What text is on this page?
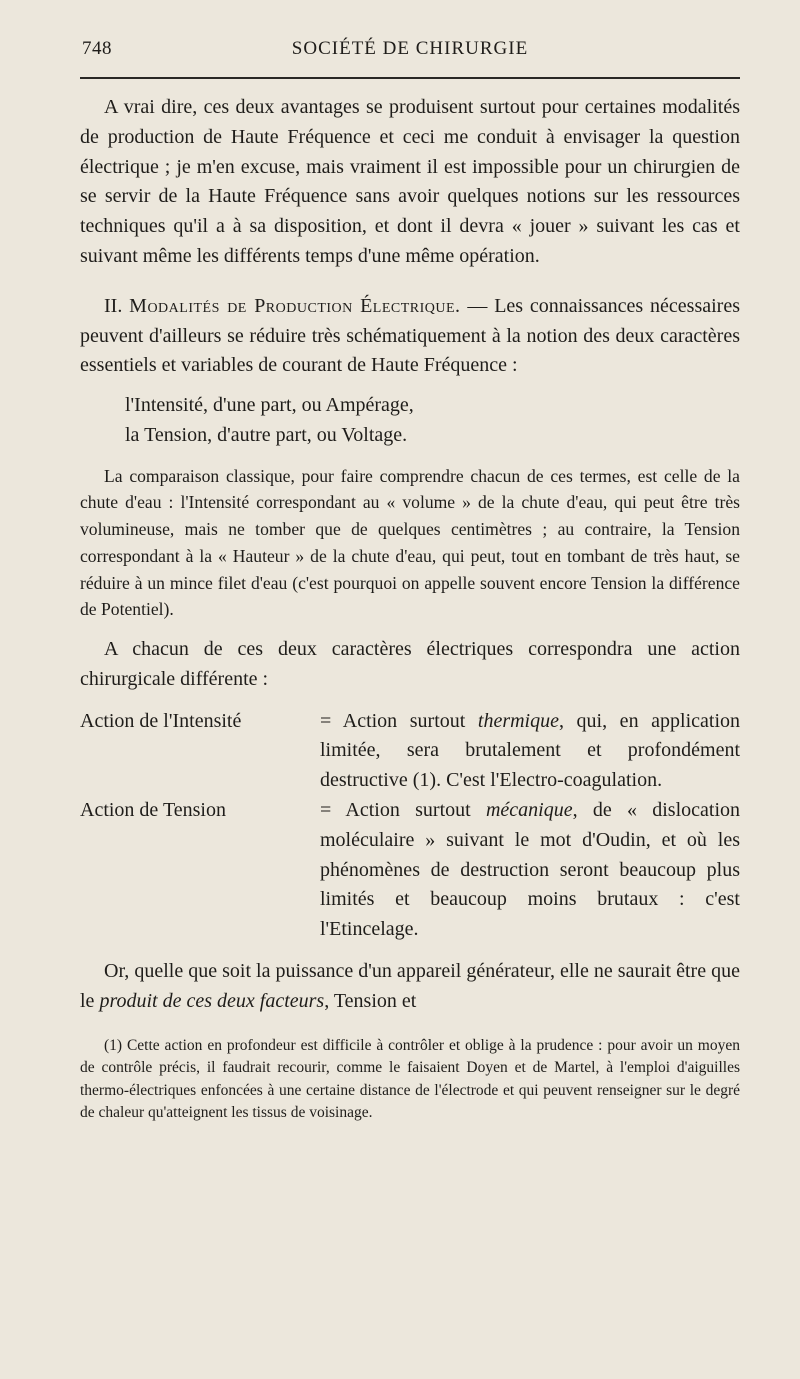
748	SOCIÉTÉ DE CHIRURGIE

A vrai dire, ces deux avantages se produisent surtout pour certaines modalités de production de Haute Fréquence et ceci me conduit à envisager la question électrique ; je m'en excuse, mais vraiment il est impossible pour un chirurgien de se servir de la Haute Fréquence sans avoir quelques notions sur les ressources techniques qu'il a à sa disposition, et dont il devra « jouer » suivant les cas et suivant même les différents temps d'une même opération.

II. Modalités de Production Électrique. — Les connaissances nécessaires peuvent d'ailleurs se réduire très schématiquement à la notion des deux caractères essentiels et variables de courant de Haute Fréquence :

l'Intensité, d'une part, ou Ampérage,

la Tension, d'autre part, ou Voltage.

La comparaison classique, pour faire comprendre chacun de ces termes, est celle de la chute d'eau : l'Intensité correspondant au « volume » de la chute d'eau, qui peut être très volumineuse, mais ne tomber que de quelques centimètres ; au contraire, la Tension correspondant à la « Hauteur » de la chute d'eau, qui peut, tout en tombant de très haut, se réduire à un mince filet d'eau (c'est pourquoi on appelle souvent encore Tension la différence de Potentiel).

A chacun de ces deux caractères électriques correspondra une action chirurgicale différente :

Action de l'Intensité	= Action surtout thermique, qui, en application limitée, sera brutalement et profondément destructive (1). C'est l'Electro-coagulation.
Action de Tension	= Action surtout mécanique, de « dislocation moléculaire » suivant le mot d'Oudin, et où les phénomènes de destruction seront beaucoup plus limités et beaucoup moins brutaux : c'est l'Etincelage.

Or, quelle que soit la puissance d'un appareil générateur, elle ne saurait être que le produit de ces deux facteurs, Tension et

(1) Cette action en profondeur est difficile à contrôler et oblige à la prudence : pour avoir un moyen de contrôle précis, il faudrait recourir, comme le faisaient Doyen et de Martel, à l'emploi d'aiguilles thermo-électriques enfoncées à une certaine distance de l'électrode et qui peuvent renseigner sur le degré de chaleur qu'atteignent les tissus de voisinage.
